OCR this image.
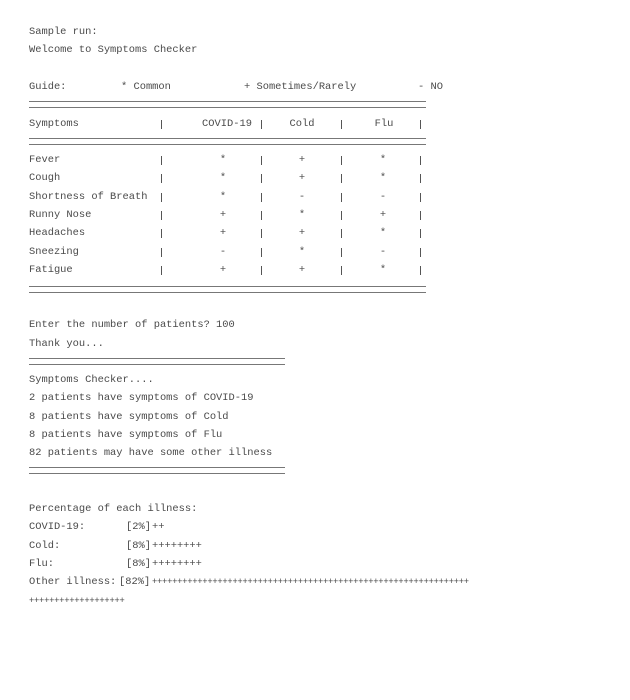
Sample run:
Welcome to Symptoms Checker
Guide:	* Common	+ Sometimes/Rarely	- NO
Symptoms	COVID-19	Cold	Flu
Fever	*	+	*
Cough	*	+	*
Shortness of Breath	*	-	-
Runny Nose	+	*	+
Headaches	+	+	*
Sneezing	-	*	-
Fatigue	+	+	*
Enter the number of patients? 100
Thank you...
Symptoms Checker....
2 patients have symptoms of COVID-19
8 patients have symptoms of Cold
8 patients have symptoms of Flu
82 patients may have some other illness
Percentage of each illness:
COVID-19:	[2%] ++
Cold:	[8%] ++++++++
Flu:	[8%] ++++++++
Other illness: [82%] +++++++++++++++++++++++++++++++++++++++++++++++++++++++++++++++
+++++++++++++++++++
